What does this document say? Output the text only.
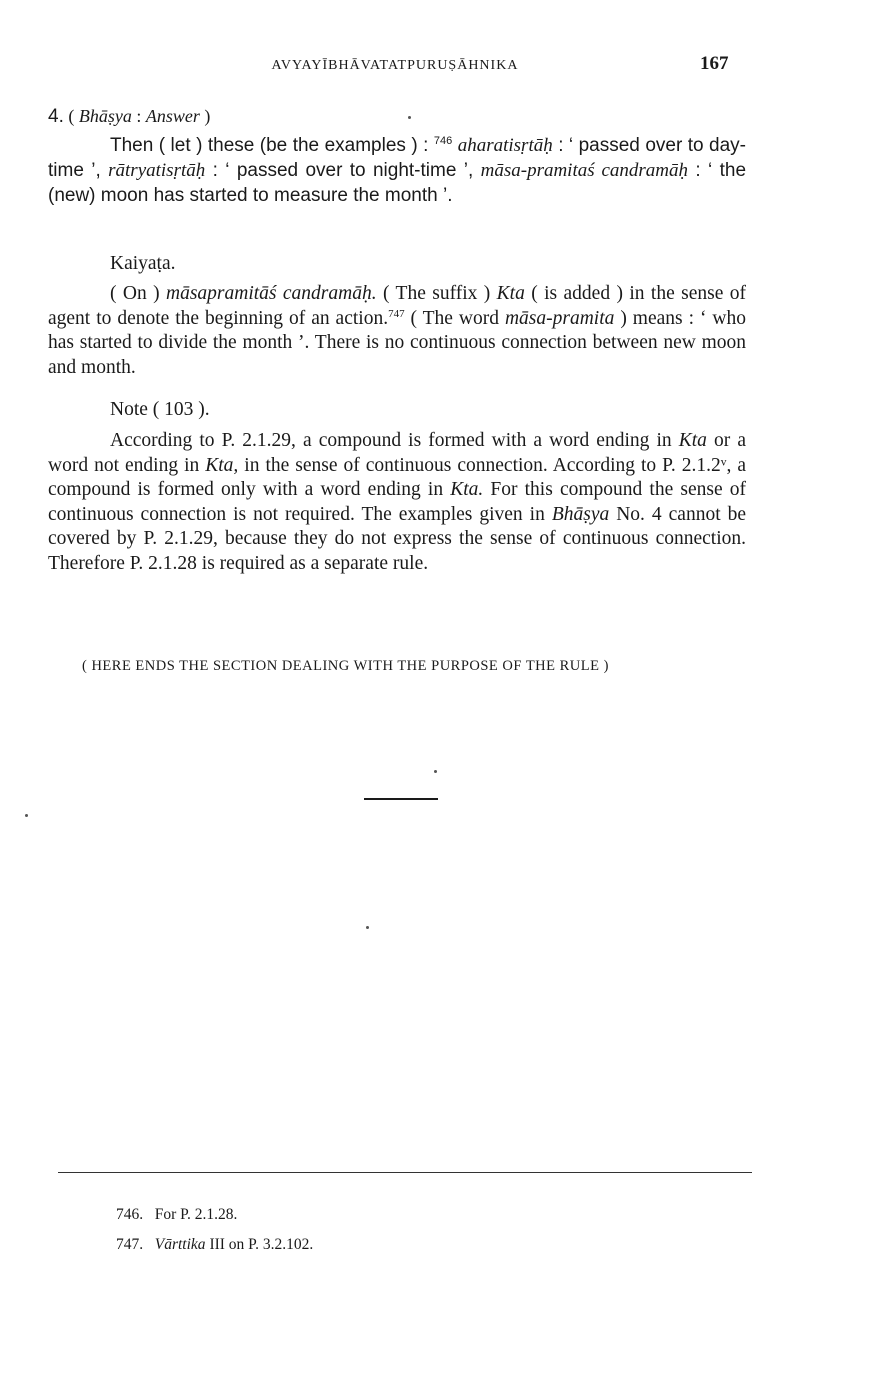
AVYAYĪBHĀVATATPURUṢĀHNIKA	167
4. ( Bhāṣya : Answer )
Then ( let ) these (be the examples ) : $^{746}$ aharatisṛtāḥ : ‘ passed over to day-time ’, rātryatisṛtāḥ : ‘ passed over to night-time ’, māsa-pramitaś candramāḥ : ‘ the (new) moon has started to measure the month ’.
Kaiyaṭa.
( On ) māsapramitāś candramāḥ. ( The suffix ) Kta ( is added ) in the sense of agent to denote the beginning of an action.$^{747}$ ( The word māsa-pramita ) means : ‘ who has started to divide the month ’. There is no continuous connection between new moon and month.
Note ( 103 ).
According to P. 2.1.29, a compound is formed with a word ending in Kta or a word not ending in Kta, in the sense of continuous connection. According to P. 2.1.2ᵛ, a compound is formed only with a word ending in Kta. For this compound the sense of continuous connection is not required. The examples given in Bhāṣya No. 4 cannot be covered by P. 2.1.29, because they do not express the sense of continuous connection. Therefore P. 2.1.28 is required as a separate rule.
( HERE ENDS THE SECTION DEALING WITH THE PURPOSE OF THE RULE )
746. For P. 2.1.28.
747. Vārttika III on P. 3.2.102.
